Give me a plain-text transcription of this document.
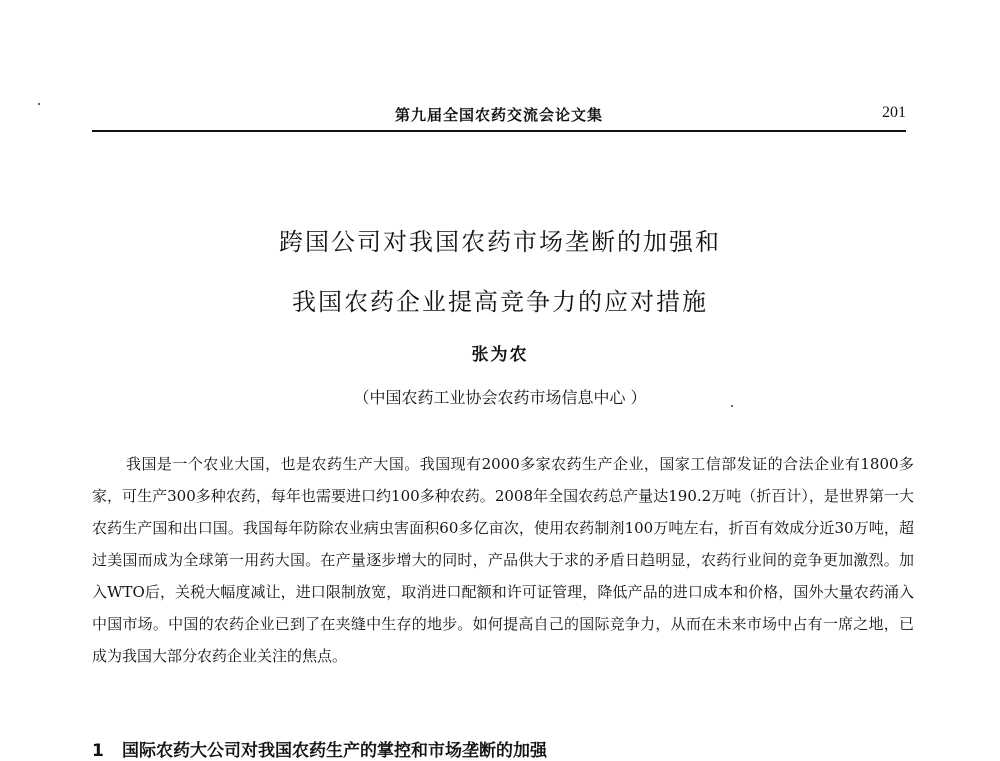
第九届全国农药交流会论文集	201
跨国公司对我国农药市场垄断的加强和
我国农药企业提高竞争力的应对措施
张为农
（中国农药工业协会农药市场信息中心 ）

我国是一个农业大国，也是农药生产大国。我国现有2000多家农药生产企业，国家工信部发证的合法企业有1800多家，可生产300多种农药，每年也需要进口约100多种农药。2008年全国农药总产量达190.2万吨（折百计），是世界第一大农药生产国和出口国。我国每年防除农业病虫害面积60多亿亩次，使用农药制剂100万吨左右，折百有效成分近30万吨，超过美国而成为全球第一用药大国。在产量逐步增大的同时，产品供大于求的矛盾日趋明显，农药行业间的竞争更加激烈。加入WTO后，关税大幅度减让，进口限制放宽，取消进口配额和许可证管理，降低产品的进口成本和价格，国外大量农药涌入中国市场。中国的农药企业已到了在夹缝中生存的地步。如何提高自己的国际竞争力，从而在未来市场中占有一席之地，已成为我国大部分农药企业关注的焦点。

1 国际农药大公司对我国农药生产的掌控和市场垄断的加强
